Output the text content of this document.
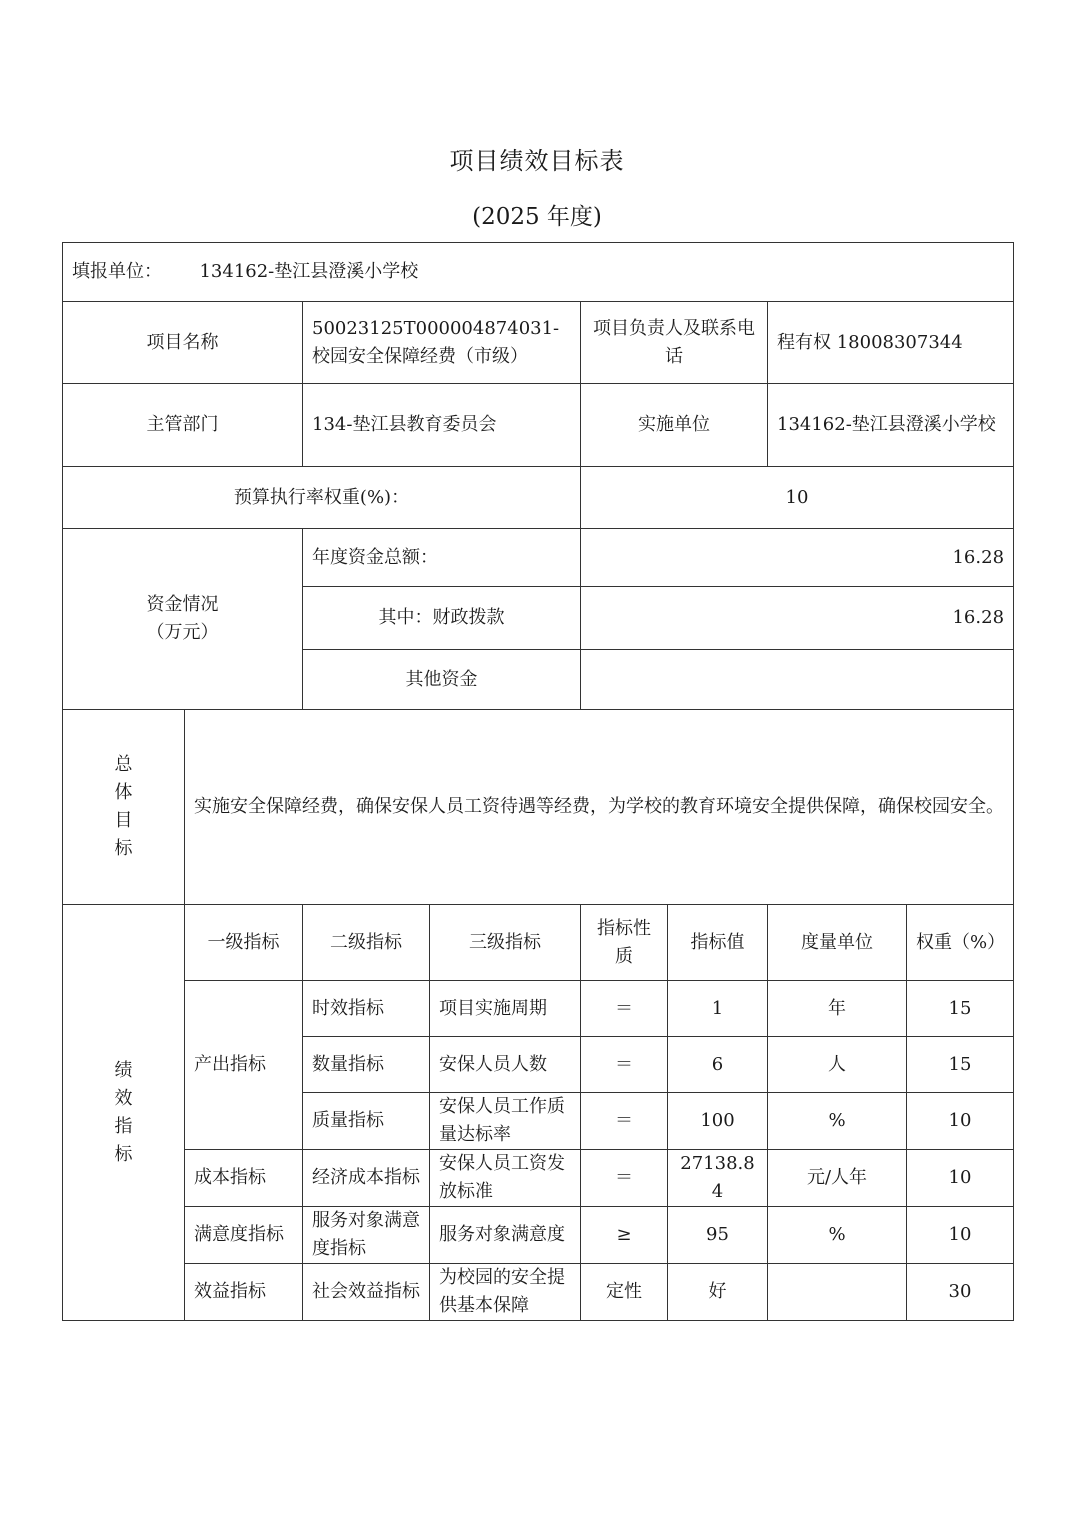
项目绩效目标表
(2025 年度)
填报单位： 134162-垫江县澄溪小学校							
项目名称		50023125T000004874031-校园安全保障经费（市级）		项目负责人及联系电话		程有权 18008307344	
主管部门		134-垫江县教育委员会		实施单位		134162-垫江县澄溪小学校	
预算执行率权重(%)：				10			

资金情况
（万元）		年度资金总额：		16.28			
		其中：财政拨款		16.28			
		其他资金					

总
体
目
标	实施安全保障经费，确保安保人员工资待遇等经费，为学校的教育环境安全提供保障，确保校园安全。						

绩
效
指
标	一级指标	二级指标	三级指标	指标性质	指标值	度量单位	权重（%）
	产出指标	时效指标	项目实施周期	＝	1	年	15
		数量指标	安保人员人数	＝	6	人	15
		质量指标	安保人员工作质量达标率	＝	100	%	10
	成本指标	经济成本指标	安保人员工资发放标准	＝	27138.84	元/人年	10
	满意度指标	服务对象满意度指标	服务对象满意度	≥	95	%	10
	效益指标	社会效益指标	为校园的安全提供基本保障	定性	好		30
